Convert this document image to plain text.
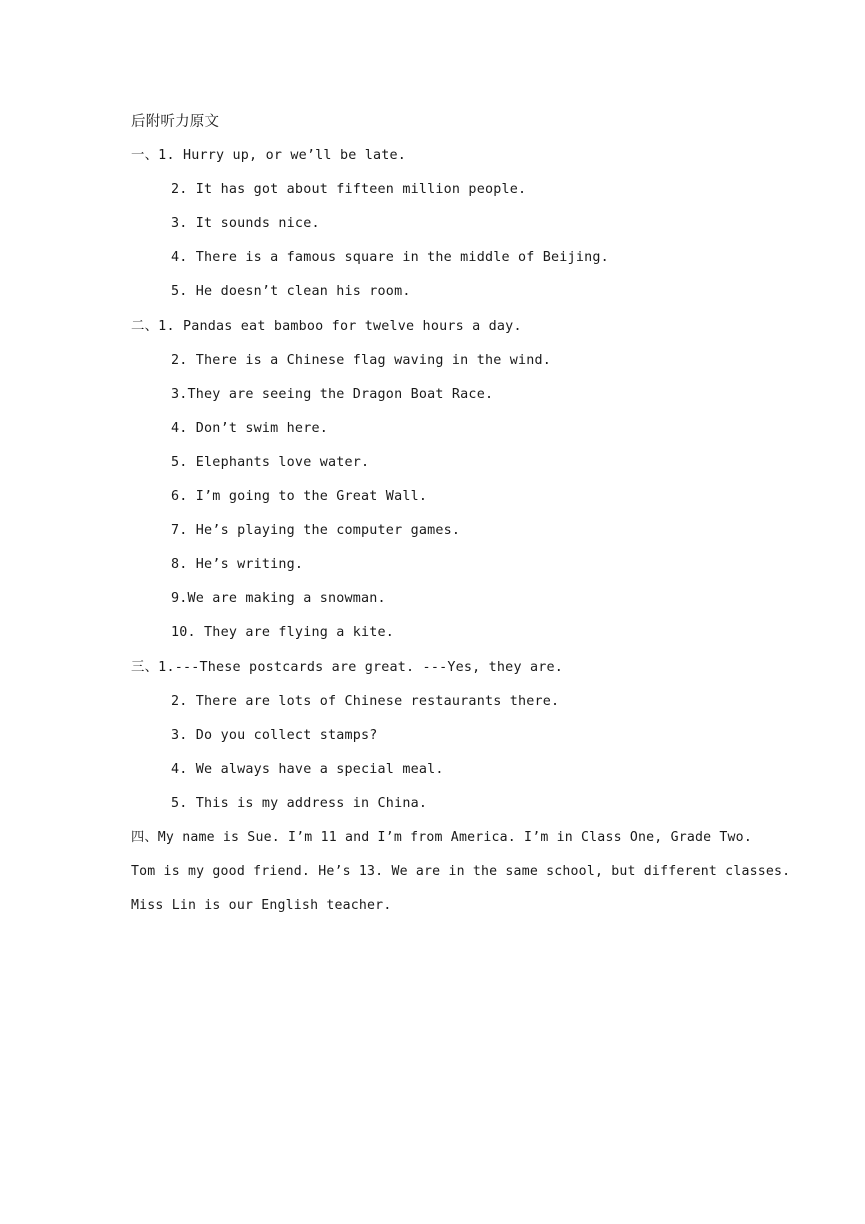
后附听力原文
一、1. Hurry up, or we’ll be late.
2. It has got about fifteen million people.
3. It sounds nice.
4. There is a famous square in the middle of Beijing.
5. He doesn’t clean his room.
二、1. Pandas eat bamboo for twelve hours a day.
2. There is a Chinese flag waving in the wind.
3.They are seeing the Dragon Boat Race.
4. Don’t swim here.
5. Elephants love water.
6. I’m going to the Great Wall.
7. He’s playing the computer games.
8. He’s writing.
9.We are making a snowman.
10. They are flying a kite.
三、1.---These postcards are great. ---Yes, they are.
2. There are lots of Chinese restaurants there.
3. Do you collect stamps?
4. We always have a special meal.
5. This is my address in China.
四、My name is Sue. I’m 11 and I’m from America. I’m in Class One, Grade Two.
Tom is my good friend. He’s 13. We are in the same school, but different classes.
Miss Lin is our English teacher.
